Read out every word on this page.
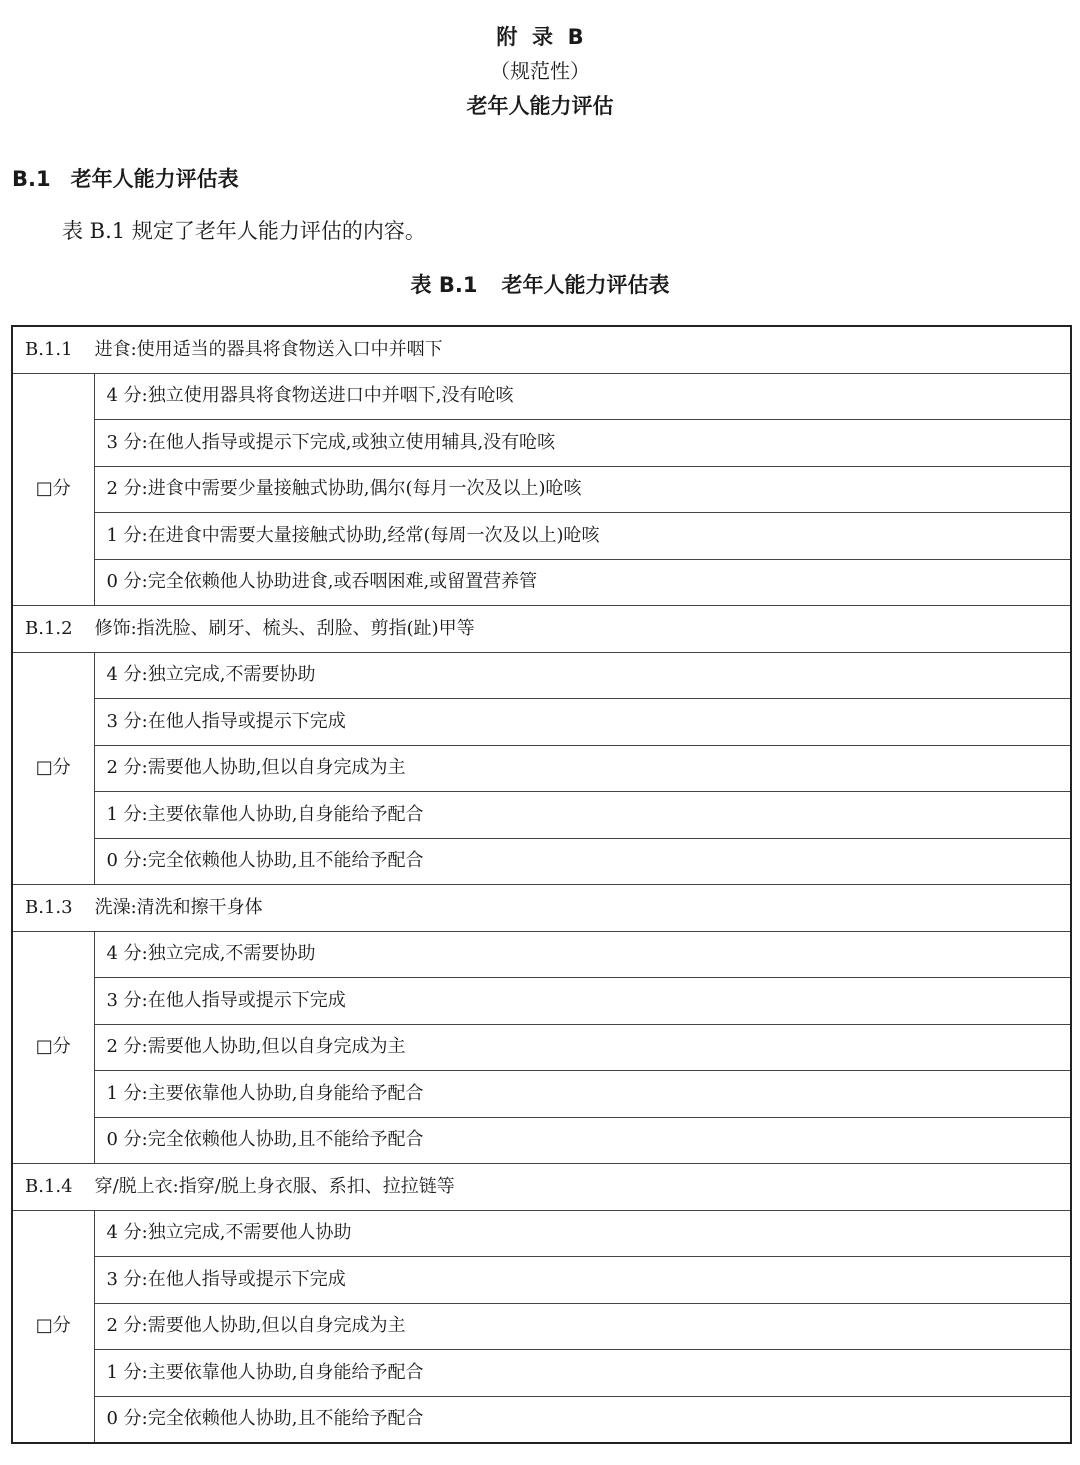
附  录  B
（规范性）
老年人能力评估
B.1 老年人能力评估表
表 B.1 规定了老年人能力评估的内容。
表 B.1 老年人能力评估表
B.1.1 进食:使用适当的器具将食物送入口中并咽下	
□分	4 分:独立使用器具将食物送进口中并咽下,没有呛咳
	3 分:在他人指导或提示下完成,或独立使用辅具,没有呛咳
	2 分:进食中需要少量接触式协助,偶尔(每月一次及以上)呛咳
	1 分:在进食中需要大量接触式协助,经常(每周一次及以上)呛咳
	0 分:完全依赖他人协助进食,或吞咽困难,或留置营养管
B.1.2 修饰:指洗脸、刷牙、梳头、刮脸、剪指(趾)甲等	
□分	4 分:独立完成,不需要协助
	3 分:在他人指导或提示下完成
	2 分:需要他人协助,但以自身完成为主
	1 分:主要依靠他人协助,自身能给予配合
	0 分:完全依赖他人协助,且不能给予配合
B.1.3 洗澡:清洗和擦干身体	
□分	4 分:独立完成,不需要协助
	3 分:在他人指导或提示下完成
	2 分:需要他人协助,但以自身完成为主
	1 分:主要依靠他人协助,自身能给予配合
	0 分:完全依赖他人协助,且不能给予配合
B.1.4 穿/脱上衣:指穿/脱上身衣服、系扣、拉拉链等	
□分	4 分:独立完成,不需要他人协助
	3 分:在他人指导或提示下完成
	2 分:需要他人协助,但以自身完成为主
	1 分:主要依靠他人协助,自身能给予配合
	0 分:完全依赖他人协助,且不能给予配合
